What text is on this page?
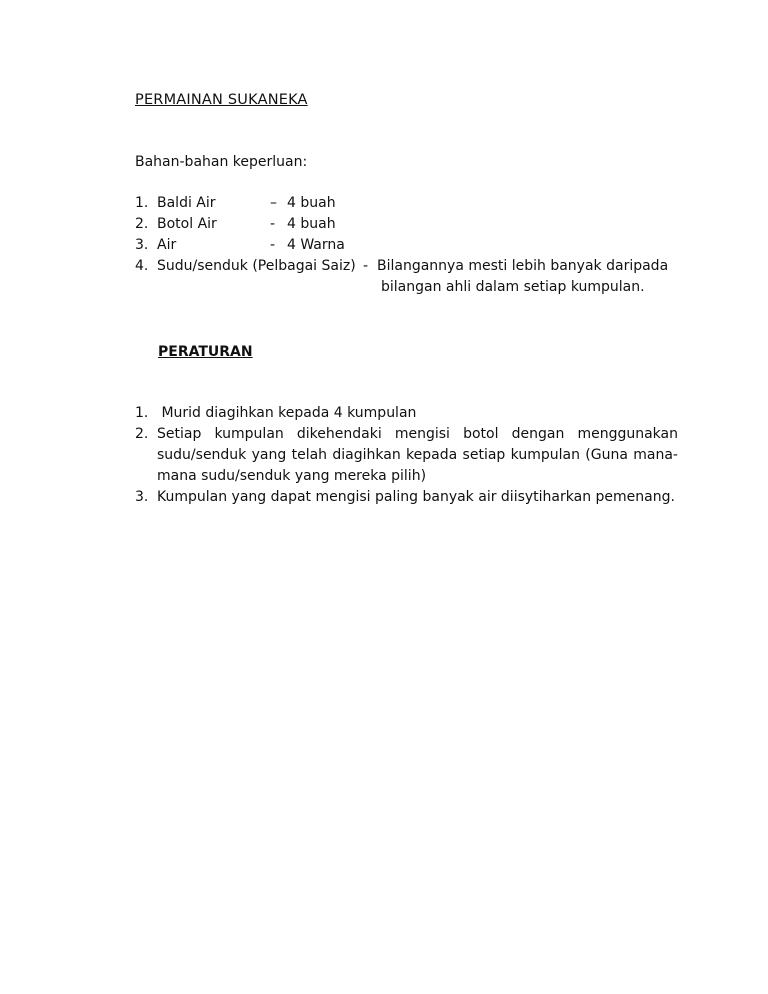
PERMAINAN SUKANEKA
Bahan-bahan keperluan:
1. Baldi Air	– 4 buah
2. Botol Air	- 4 buah
3. Air	- 4 Warna
4. Sudu/senduk (Pelbagai Saiz) - Bilangannya mesti lebih banyak daripada
bilangan ahli dalam setiap kumpulan.
PERATURAN
1. Murid diagihkan kepada 4 kumpulan
2. Setiap kumpulan dikehendaki mengisi botol dengan menggunakan sudu/senduk yang telah diagihkan kepada setiap kumpulan (Guna mana-mana sudu/senduk yang mereka pilih)
3. Kumpulan yang dapat mengisi paling banyak air diisytiharkan pemenang.
